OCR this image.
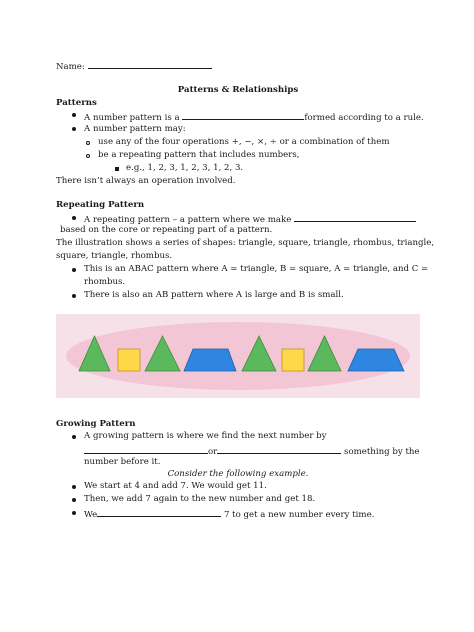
Name:
Patterns & Relationships
Patterns
A number pattern is a	formed according to a rule.
A number pattern may:
use any of the four operations +, −, ×, ÷ or a combination of them
be a repeating pattern that includes numbers,
e.g., 1, 2, 3, 1, 2, 3, 1, 2, 3.
There isn’t always an operation involved.
Repeating Pattern
A repeating pattern – a pattern where we make
based on the core or repeating part of a pattern.
The illustration shows a series of shapes: triangle, square, triangle, rhombus, triangle,
square, triangle, rhombus.
This is an ABAC pattern where A = triangle, B = square, A = triangle, and C =
rhombus.
There is also an AB pattern where A is large and B is small.
Growing Pattern
A growing pattern is where we find the next number by
or	something by the
number before it.
Consider the following example.
We start at 4 and add 7. We would get 11.
Then, we add 7 again to the new number and get 18.
We	7 to get a new number every time.
